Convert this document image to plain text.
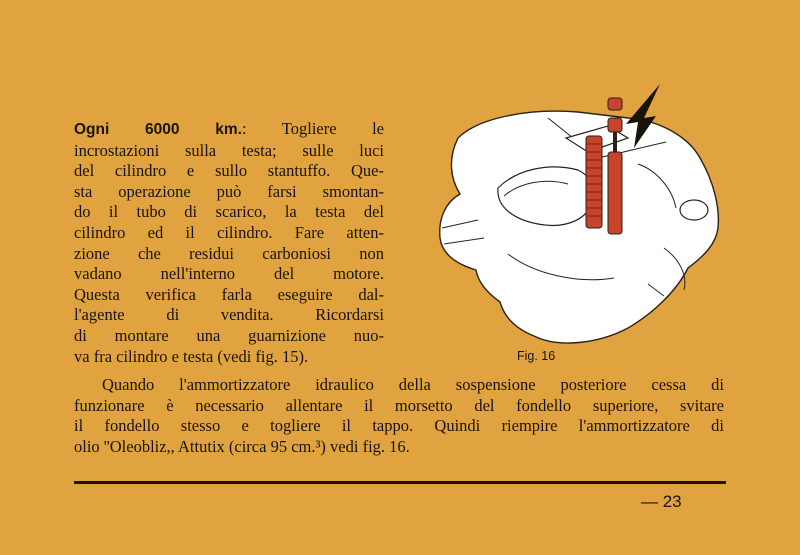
Ogni 6000 km.: Togliere le
incrostazioni sulla testa; sulle luci
del cilindro e sullo stantuffo. Que-
sta operazione può farsi smontan-
do il tubo di scarico, la testa del
cilindro ed il cilindro. Fare atten-
zione che residui carboniosi non
vadano nell'interno del motore.
Questa verifica farla eseguire dal-
l'agente di vendita. Ricordarsi
di montare una guarnizione nuo-
va fra cilindro e testa (vedi fig. 15).	Fig. 16
Quando l'ammortizzatore idraulico della sospensione posteriore cessa di
funzionare è necessario allentare il morsetto del fondello superiore, svitare
il fondello stesso e togliere il tappo. Quindi riempire l'ammortizzatore di
olio ''Oleobliz,, Attutix (circa 95 cm.³) vedi fig. 16.
— 23
